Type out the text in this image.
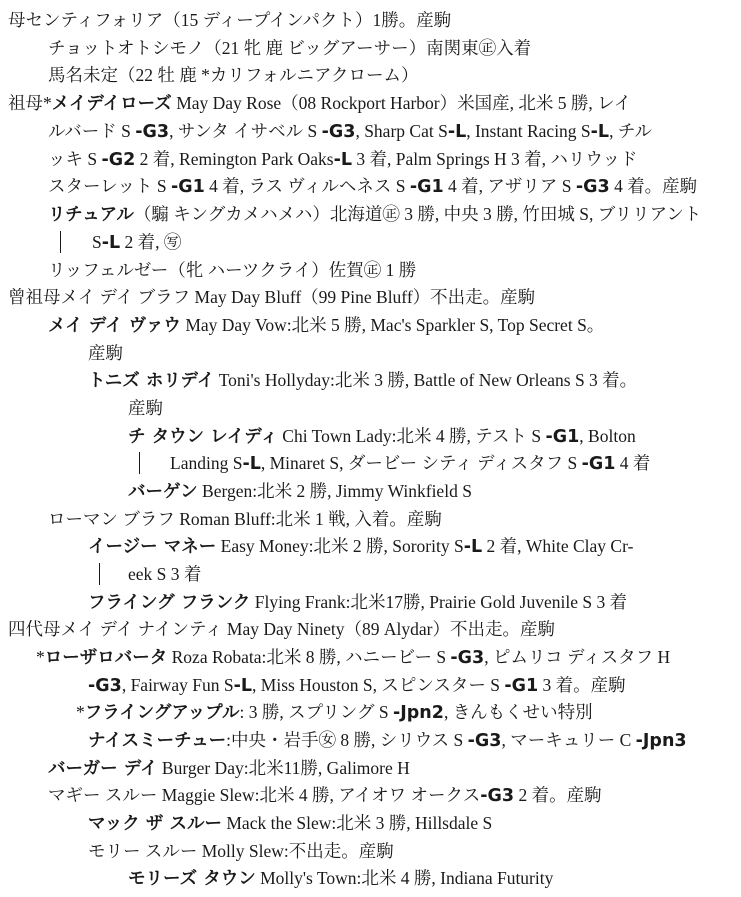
母センティフォリア（15 ディープインパクト）1勝。産駒
チョットオトシモノ（21 牝 鹿 ビッグアーサー）南関東㊣入着
馬名未定（22 牡 鹿 *カリフォルニアクローム）
祖母*メイデイローズ May Day Rose（08 Rockport Harbor）米国産, 北米 5 勝, レイ
ルバード S -G3, サンタ イサベル S -G3, Sharp Cat S-L, Instant Racing S-L, チル
ッキ S -G2 2 着, Remington Park Oaks-L 3 着, Palm Springs H 3 着, ハリウッド
スターレット S -G1 4 着, ラス ヴィルヘネス S -G1 4 着, アザリア S -G3 4 着。産駒
リチュアル（騸 キングカメハメハ）北海道㊣ 3 勝, 中央 3 勝, 竹田城 S, ブリリアント
S-L 2 着, ㊢
リッフェルゼー（牝 ハーツクライ）佐賀㊣ 1 勝
曾祖母メイ デイ ブラフ May Day Bluff（99 Pine Bluff）不出走。産駒
メイ デイ ヴァウ May Day Vow:北米 5 勝, Mac's Sparkler S, Top Secret S。
産駒
トニズ ホリデイ Toni's Hollyday:北米 3 勝, Battle of New Orleans S 3 着。
産駒
チ タウン レイディ Chi Town Lady:北米 4 勝, テスト S -G1, Bolton
Landing S-L, Minaret S, ダービー シティ ディスタフ S -G1 4 着
バーゲン Bergen:北米 2 勝, Jimmy Winkfield S
ローマン ブラフ Roman Bluff:北米 1 戦, 入着。産駒
イージー マネー Easy Money:北米 2 勝, Sorority S-L 2 着, White Clay Cr-
eek S 3 着
フライング フランク Flying Frank:北米17勝, Prairie Gold Juvenile S 3 着
四代母メイ デイ ナインティ May Day Ninety（89 Alydar）不出走。産駒
*ローザロバータ Roza Robata:北米 8 勝, ハニービー S -G3, ピムリコ ディスタフ H
-G3, Fairway Fun S-L, Miss Houston S, スピンスター S -G1 3 着。産駒
*フライングアップル: 3 勝, スプリング S -Jpn2, きんもくせい特別
ナイスミーチュー:中央・岩手㊛ 8 勝, シリウス S -G3, マーキュリー C -Jpn3
バーガー デイ Burger Day:北米11勝, Galimore H
マギー スルー Maggie Slew:北米 4 勝, アイオワ オークス-G3 2 着。産駒
マック ザ スルー Mack the Slew:北米 3 勝, Hillsdale S
モリー スルー Molly Slew:不出走。産駒
モリーズ タウン Molly's Town:北米 4 勝, Indiana Futurity
